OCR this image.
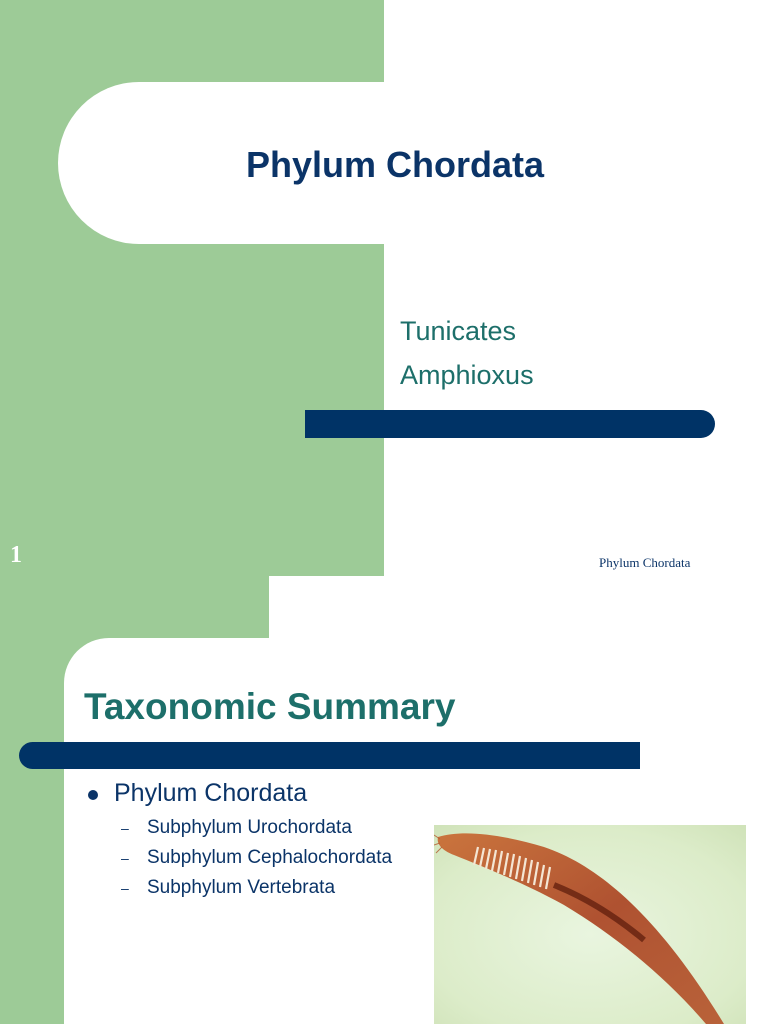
Phylum Chordata
Tunicates
Amphioxus
1	Phylum Chordata
Taxonomic Summary
Phylum Chordata
– Subphylum Urochordata
– Subphylum Cephalochordata
– Subphylum Vertebrata
